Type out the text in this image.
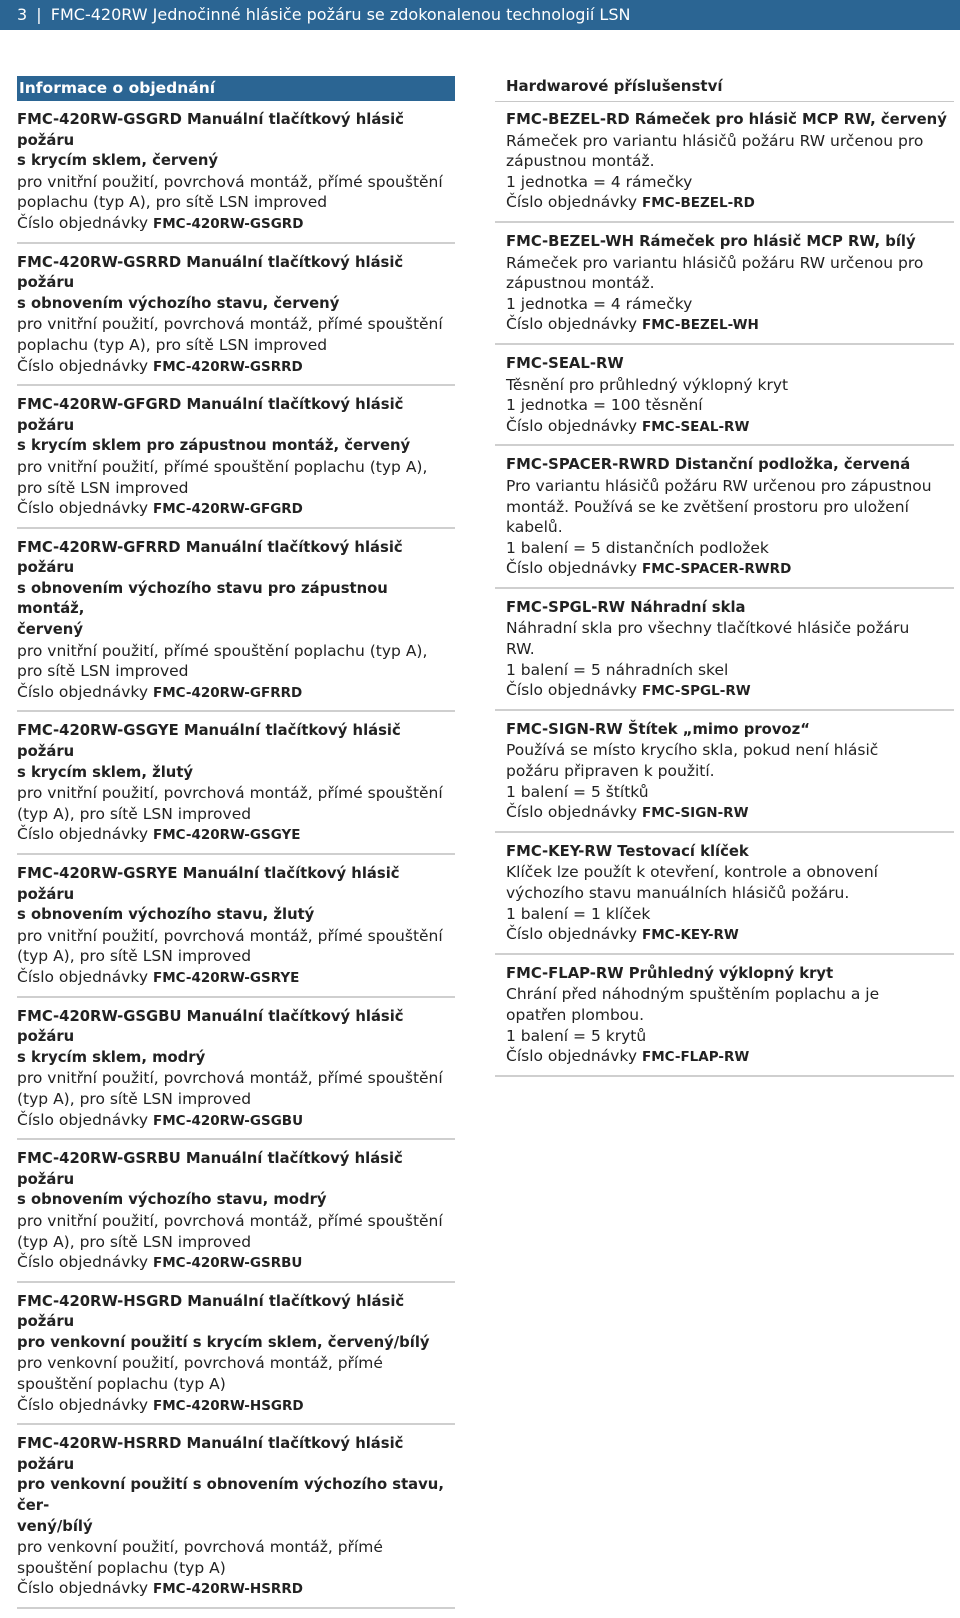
3 | FMC-420RW Jednočinné hlásiče požáru se zdokonalenou technologií LSN
Informace o objednání
FMC-420RW-GSGRD Manuální tlačítkový hlásič požáru
s krycím sklem, červený
pro vnitřní použití, povrchová montáž, přímé spouštění
poplachu (typ A), pro sítě LSN improved
Číslo objednávky FMC-420RW-GSGRD
FMC-420RW-GSRRD Manuální tlačítkový hlásič požáru
s obnovením výchozího stavu, červený
pro vnitřní použití, povrchová montáž, přímé spouštění
poplachu (typ A), pro sítě LSN improved
Číslo objednávky FMC-420RW-GSRRD
FMC-420RW-GFGRD Manuální tlačítkový hlásič požáru
s krycím sklem pro zápustnou montáž, červený
pro vnitřní použití, přímé spouštění poplachu (typ A),
pro sítě LSN improved
Číslo objednávky FMC-420RW-GFGRD
FMC-420RW-GFRRD Manuální tlačítkový hlásič požáru
s obnovením výchozího stavu pro zápustnou montáž,
červený
pro vnitřní použití, přímé spouštění poplachu (typ A),
pro sítě LSN improved
Číslo objednávky FMC-420RW-GFRRD
FMC-420RW-GSGYE Manuální tlačítkový hlásič požáru
s krycím sklem, žlutý
pro vnitřní použití, povrchová montáž, přímé spouštění
(typ A), pro sítě LSN improved
Číslo objednávky FMC-420RW-GSGYE
FMC-420RW-GSRYE Manuální tlačítkový hlásič požáru
s obnovením výchozího stavu, žlutý
pro vnitřní použití, povrchová montáž, přímé spouštění
(typ A), pro sítě LSN improved
Číslo objednávky FMC-420RW-GSRYE
FMC-420RW-GSGBU Manuální tlačítkový hlásič požáru
s krycím sklem, modrý
pro vnitřní použití, povrchová montáž, přímé spouštění
(typ A), pro sítě LSN improved
Číslo objednávky FMC-420RW-GSGBU
FMC-420RW-GSRBU Manuální tlačítkový hlásič požáru
s obnovením výchozího stavu, modrý
pro vnitřní použití, povrchová montáž, přímé spouštění
(typ A), pro sítě LSN improved
Číslo objednávky FMC-420RW-GSRBU
FMC-420RW-HSGRD Manuální tlačítkový hlásič požáru
pro venkovní použití s krycím sklem, červený/bílý
pro venkovní použití, povrchová montáž, přímé
spouštění poplachu (typ A)
Číslo objednávky FMC-420RW-HSGRD
FMC-420RW-HSRRD Manuální tlačítkový hlásič požáru
pro venkovní použití s obnovením výchozího stavu, čer-
vený/bílý
pro venkovní použití, povrchová montáž, přímé
spouštění poplachu (typ A)
Číslo objednávky FMC-420RW-HSRRD
Hardwarové příslušenství
FMC-BEZEL-RD Rámeček pro hlásič MCP RW, červený
Rámeček pro variantu hlásičů požáru RW určenou pro
zápustnou montáž.
1 jednotka = 4 rámečky
Číslo objednávky FMC-BEZEL-RD
FMC-BEZEL-WH Rámeček pro hlásič MCP RW, bílý
Rámeček pro variantu hlásičů požáru RW určenou pro
zápustnou montáž.
1 jednotka = 4 rámečky
Číslo objednávky FMC-BEZEL-WH
FMC-SEAL-RW
Těsnění pro průhledný výklopný kryt
1 jednotka = 100 těsnění
Číslo objednávky FMC-SEAL-RW
FMC-SPACER-RWRD Distanční podložka, červená
Pro variantu hlásičů požáru RW určenou pro zápustnou
montáž. Používá se ke zvětšení prostoru pro uložení
kabelů.
1 balení = 5 distančních podložek
Číslo objednávky FMC-SPACER-RWRD
FMC-SPGL-RW Náhradní skla
Náhradní skla pro všechny tlačítkové hlásiče požáru
RW.
1 balení = 5 náhradních skel
Číslo objednávky FMC-SPGL-RW
FMC-SIGN-RW Štítek „mimo provoz“
Používá se místo krycího skla, pokud není hlásič
požáru připraven k použití.
1 balení = 5 štítků
Číslo objednávky FMC-SIGN-RW
FMC-KEY-RW Testovací klíček
Klíček lze použít k otevření, kontrole a obnovení
výchozího stavu manuálních hlásičů požáru.
1 balení = 1 klíček
Číslo objednávky FMC-KEY-RW
FMC-FLAP-RW Průhledný výklopný kryt
Chrání před náhodným spuštěním poplachu a je
opatřen plombou.
1 balení = 5 krytů
Číslo objednávky FMC-FLAP-RW
